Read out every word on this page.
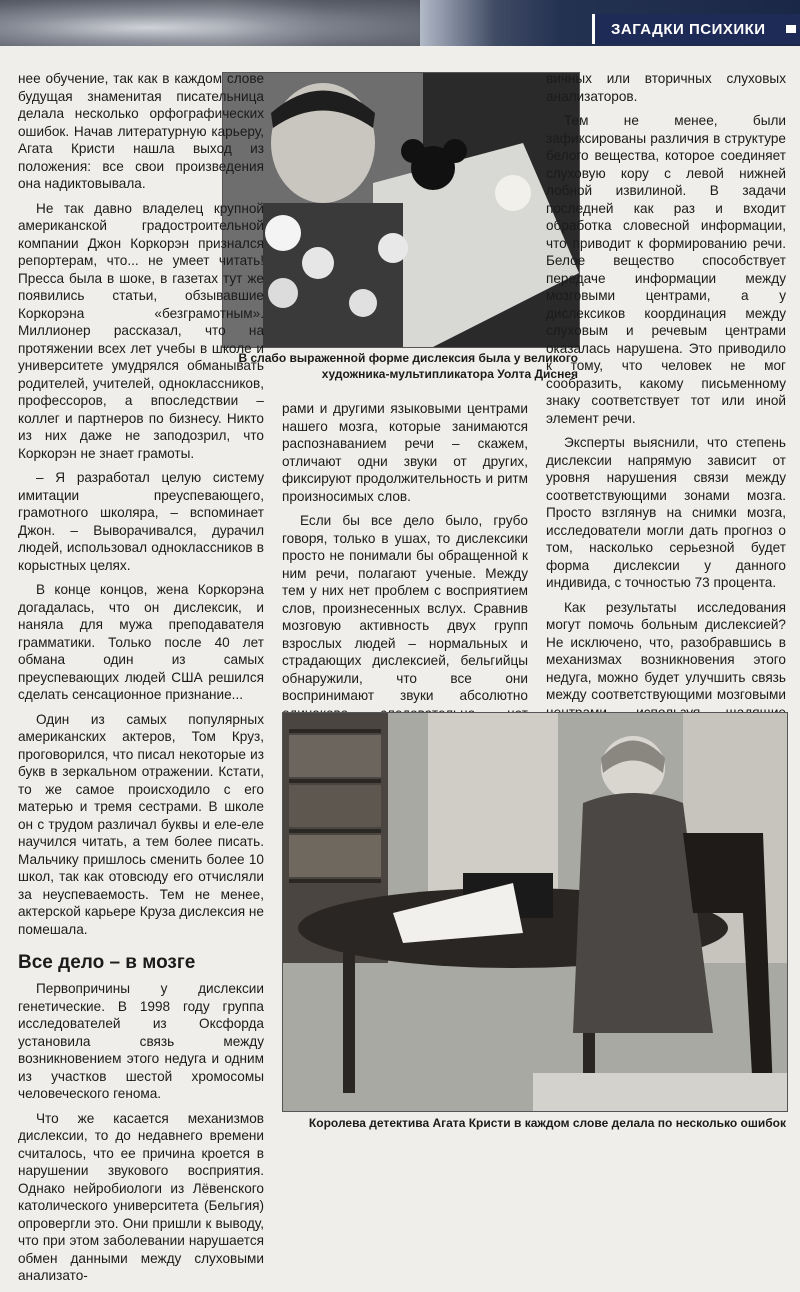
ЗАГАДКИ ПСИХИКИ
В слабо выраженной форме дислексия была у великого художника-мультипликатора Уолта Диснея

нее обучение, так как в каждом слове будущая знаменитая писательница делала несколько орфографических ошибок. Начав литературную карьеру, Агата Кристи нашла выход из положения: все свои произведения она надиктовывала.

Не так давно владелец крупной американской градостроительной компании Джон Коркорэн признался репортерам, что... не умеет читать! Пресса была в шоке, в газетах тут же появились статьи, обзывавшие Коркорэна «безграмотным». Миллионер рассказал, что на протяжении всех лет учебы в школе и университете умудрялся обманывать родителей, учителей, одноклассников, профессоров, а впоследствии – коллег и партнеров по бизнесу. Никто из них даже не заподозрил, что Коркорэн не знает грамоты.

– Я разработал целую систему имитации преуспевающего, грамотного школяра, – вспоминает Джон. – Выворачивался, дурачил людей, использовал одноклассников в корыстных целях.

В конце концов, жена Коркорэна догадалась, что он дислексик, и наняла для мужа преподавателя грамматики. Только после 40 лет обмана один из самых преуспевающих людей США решился сделать сенсационное признание...

Один из самых популярных американских актеров, Том Круз, проговорился, что писал некоторые из букв в зеркальном отражении. Кстати, то же самое происходило с его матерью и тремя сестрами. В школе он с трудом различал буквы и еле-еле научился читать, а тем более писать. Мальчику пришлось сменить более 10 школ, так как отовсюду его отчисляли за неуспеваемость. Тем не менее, актерской карьере Круза дислексия не помешала.

Все дело – в мозге

Первопричины у дислексии генетические. В 1998 году группа исследователей из Оксфорда установила связь между возникновением этого недуга и одним из участков шестой хромосомы человеческого генома.

Что же касается механизмов дислексии, то до недавнего времени считалось, что ее причина кроется в нарушении звукового восприятия. Однако нейробиологи из Лёвенского католического университета (Бельгия) опровергли это. Они пришли к выводу, что при этом заболевании нарушается обмен данными между слуховыми анализато-

рами и другими языковыми центрами нашего мозга, которые занимаются распознаванием речи – скажем, отличают одни звуки от других, фиксируют продолжительность и ритм произносимых слов.

Если бы все дело было, грубо говоря, только в ушах, то дислексики просто не понимали бы обращенной к ним речи, полагают ученые. Между тем у них нет проблем с восприятием слов, произнесенных вслух. Сравнив мозговую активность двух групп взрослых людей – нормальных и страдающих дислексией, бельгийцы обнаружили, что все они воспринимают звуки абсолютно

вичных или вторичных слуховых анализаторов.

Тем не менее, были зафиксированы различия в структуре белого вещества, которое соединяет слуховую кору с левой нижней лобной извилиной. В задачи последней как раз и входит обработка словесной информации, что приводит к формированию речи. Белое вещество способствует передаче информации между мозговыми центрами, а у дислексиков координация между слуховым и речевым центрами оказалась нарушена. Это приводило к тому, что человек не мог сообразить, какому письменному знаку соответствует тот или иной элемент речи.

Эксперты выяснили, что степень дислексии напрямую зависит от уровня нарушения связи между соответствующими зонами мозга. Просто взглянув на снимки мозга, исследователи могли дать прогноз о том, насколько серьезной будет форма дислексии у данного индивида, с точностью 73 процента.

Как результаты исследования могут помочь больным дислексией? Не исключено, что, разобравшись в механизмах возникновения этого недуга, можно будет улучшить связь между соответствующими мозговыми

Королева детектива Агата Кристи в каждом слове делала по несколько ошибок
